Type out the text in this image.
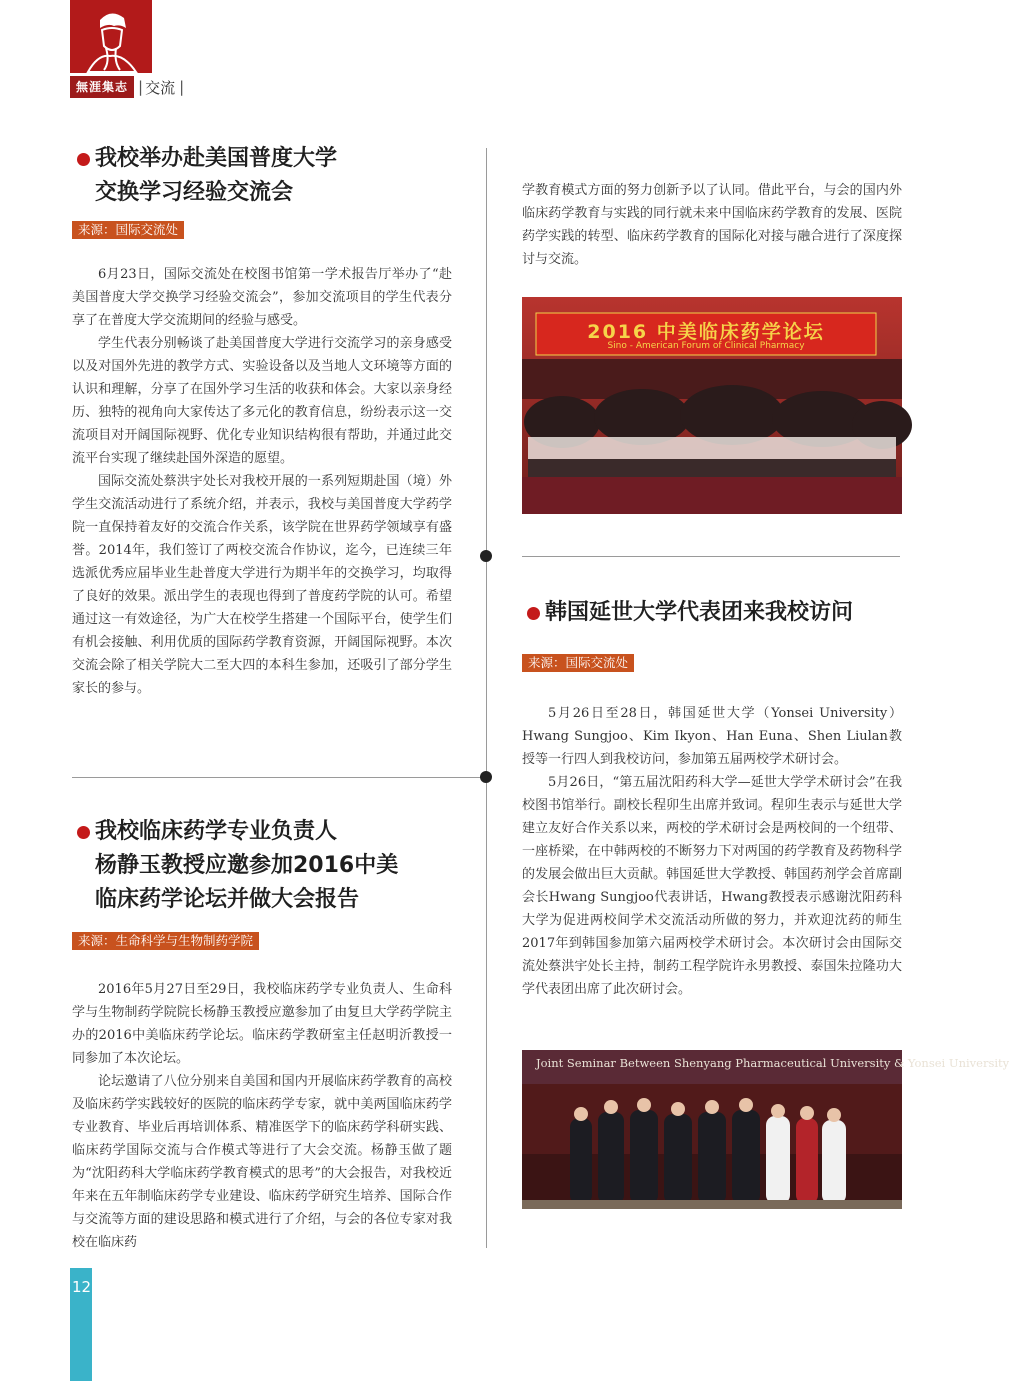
無涯集志 | 交流 |
我校举办赴美国普度大学
交换学习经验交流会
来源：国际交流处

6月23日，国际交流处在校图书馆第一学术报告厅举办了“赴美国普度大学交换学习经验交流会”，参加交流项目的学生代表分享了在普度大学交流期间的经验与感受。

学生代表分别畅谈了赴美国普度大学进行交流学习的亲身感受以及对国外先进的教学方式、实验设备以及当地人文环境等方面的认识和理解，分享了在国外学习生活的收获和体会。大家以亲身经历、独特的视角向大家传达了多元化的教育信息，纷纷表示这一交流项目对开阔国际视野、优化专业知识结构很有帮助，并通过此交流平台实现了继续赴国外深造的愿望。

国际交流处蔡洪宇处长对我校开展的一系列短期赴国（境）外学生交流活动进行了系统介绍，并表示，我校与美国普度大学药学院一直保持着友好的交流合作关系，该学院在世界药学领域享有盛誉。2014年，我们签订了两校交流合作协议，迄今，已连续三年选派优秀应届毕业生赴普度大学进行为期半年的交换学习，均取得了良好的效果。派出学生的表现也得到了普度药学院的认可。希望通过这一有效途径，为广大在校学生搭建一个国际平台，使学生们有机会接触、利用优质的国际药学教育资源，开阔国际视野。本次交流会除了相关学院大二至大四的本科生参加，还吸引了部分学生家长的参与。

我校临床药学专业负责人
杨静玉教授应邀参加2016中美
临床药学论坛并做大会报告
来源：生命科学与生物制药学院

2016年5月27日至29日，我校临床药学专业负责人、生命科学与生物制药学院院长杨静玉教授应邀参加了由复旦大学药学院主办的2016中美临床药学论坛。临床药学教研室主任赵明沂教授一同参加了本次论坛。

论坛邀请了八位分别来自美国和国内开展临床药学教育的高校及临床药学实践较好的医院的临床药学专家，就中美两国临床药学专业教育、毕业后再培训体系、精准医学下的临床药学科研实践、临床药学国际交流与合作模式等进行了大会交流。杨静玉做了题为“沈阳药科大学临床药学教育模式的思考”的大会报告，对我校近年来在五年制临床药学专业建设、临床药学研究生培养、国际合作与交流等方面的建设思路和模式进行了介绍，与会的各位专家对我校在临床药

学教育模式方面的努力创新予以了认同。借此平台，与会的国内外临床药学教育与实践的同行就未来中国临床药学教育的发展、医院药学实践的转型、临床药学教育的国际化对接与融合进行了深度探讨与交流。

2016 中美临床药学论坛
Sino - American Forum of Clinical Pharmacy
韩国延世大学代表团来我校访问
来源：国际交流处

5月26日至28日，韩国延世大学（Yonsei University）Hwang Sungjoo、Kim Ikyon、Han Euna、Shen Liulan教授等一行四人到我校访问，参加第五届两校学术研讨会。

5月26日，“第五届沈阳药科大学—延世大学学术研讨会”在我校图书馆举行。副校长程卯生出席并致词。程卯生表示与延世大学建立友好合作关系以来，两校的学术研讨会是两校间的一个纽带、一座桥梁，在中韩两校的不断努力下对两国的药学教育及药物科学的发展会做出巨大贡献。韩国延世大学教授、韩国药剂学会首席副会长Hwang Sungjoo代表讲话，Hwang教授表示感谢沈阳药科大学为促进两校间学术交流活动所做的努力，并欢迎沈药的师生2017年到韩国参加第六届两校学术研讨会。本次研讨会由国际交流处蔡洪宇处长主持，制药工程学院许永男教授、泰国朱拉隆功大学代表团出席了此次研讨会。

Joint Seminar Between Shenyang Pharmaceutical University & Yonsei University
12
